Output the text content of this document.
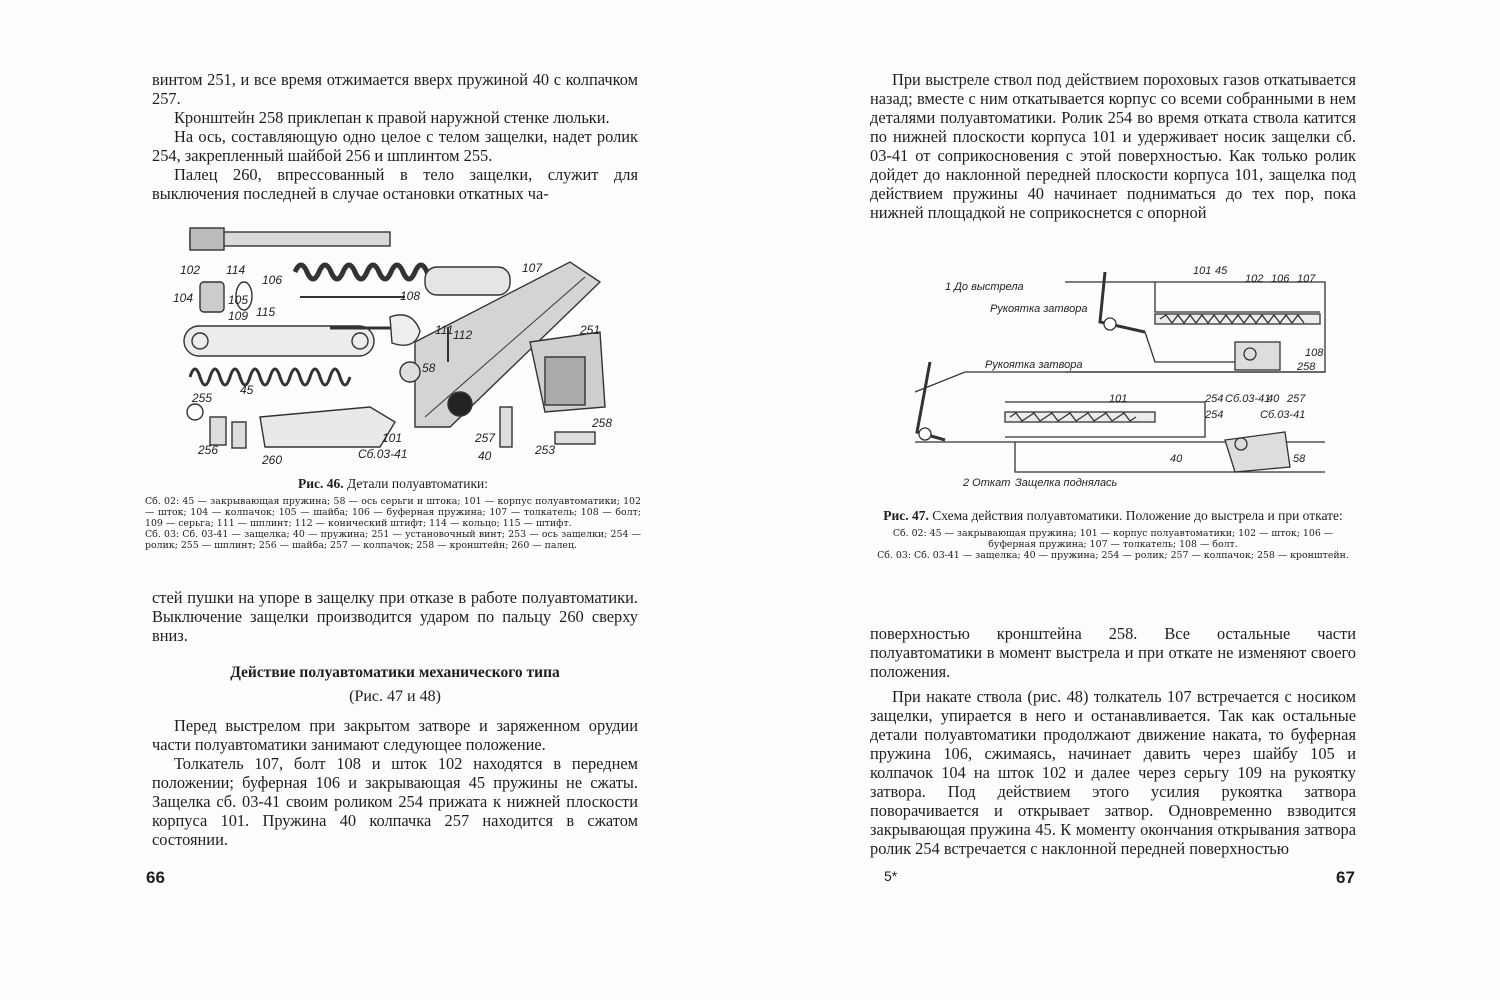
винтом 251, и все время отжимается вверх пружиной 40 с колпачком 257.

Кронштейн 258 приклепан к правой наружной стенке люльки.

На ось, составляющую одно целое с телом защелки, надет ролик 254, закрепленный шайбой 256 и шплинтом 255.

Палец 260, впрессованный в тело защелки, служит для выключения последней в случае остановки откатных ча-

102 114
106
107
104	105	108
109 115
111 112	251
58
45
255
256
260
101
Сб.03-41
257
40
258
253
Рис. 46. Детали полуавтоматики:

Сб. 02: 45 — закрывающая пружина; 58 — ось серьги и штока; 101 — корпус полуавтоматики; 102 — шток; 104 — колпачок; 105 — шайба; 106 — буферная пружина; 107 — толкатель; 108 — болт; 109 — серьга; 111 — шплинт; 112 — конический штифт; 114 — кольцо; 115 — штифт.

Сб. 03: Сб. 03-41 — защелка; 40 — пружина; 251 — установочный винт; 253 — ось защелки; 254 — ролик; 255 — шплинт; 256 — шайба; 257 — колпачок; 258 — кронштейн; 260 — палец.

стей пушки на упоре в защелку при отказе в работе полуавтоматики. Выключение защелки производится ударом по пальцу 260 сверху вниз.

Действие полуавтоматики механического типа
(Рис. 47 и 48)

Перед выстрелом при закрытом затворе и заряженном орудии части полуавтоматики занимают следующее положение.

Толкатель 107, болт 108 и шток 102 находятся в переднем положении; буферная 106 и закрывающая 45 пружины не сжаты. Защелка сб. 03-41 своим роликом 254 прижата к нижней плоскости корпуса 101. Пружина 40 колпачка 257 находится в сжатом состоянии.

66

При выстреле ствол под действием пороховых газов откатывается назад; вместе с ним откатывается корпус со всеми собранными в нем деталями полуавтоматики. Ролик 254 во время отката ствола катится по нижней плоскости корпуса 101 и удерживает носик защелки сб. 03-41 от соприкосновения с этой поверхностью. Как только ролик дойдет до наклонной передней плоскости корпуса 101, защелка под действием пружины 40 начинает подниматься до тех пор, пока нижней площадкой не соприкоснется с опорной

1 До выстрела
Рукоятка затвора
Рукоятка затвора
2 Откат Защелка поднялась
101 45
102 106 107
108
258
254 Сб.03-41
40 257
254	Сб.03-41
101
40	58
Рис. 47. Схема действия полуавтоматики. Положение до выстрела и при откате:

Сб. 02: 45 — закрывающая пружина; 101 — корпус полуавтоматики; 102 — шток; 106 — буферная пружина; 107 — толкатель; 108 — болт.

Сб. 03: Сб. 03-41 — защелка; 40 — пружина; 254 — ролик; 257 — колпачок; 258 — кронштейн.

поверхностью кронштейна 258. Все остальные части полуавтоматики в момент выстрела и при откате не изменяют своего положения.

При накате ствола (рис. 48) толкатель 107 встречается с носиком защелки, упирается в него и останавливается. Так как остальные детали полуавтоматики продолжают движение наката, то буферная пружина 106, сжимаясь, начинает давить через шайбу 105 и колпачок 104 на шток 102 и далее через серьгу 109 на рукоятку затвора. Под действием этого усилия рукоятка затвора поворачивается и открывает затвор. Одновременно взводится закрывающая пружина 45. К моменту окончания открывания затвора ролик 254 встречается с наклонной передней поверхностью

5*	67
